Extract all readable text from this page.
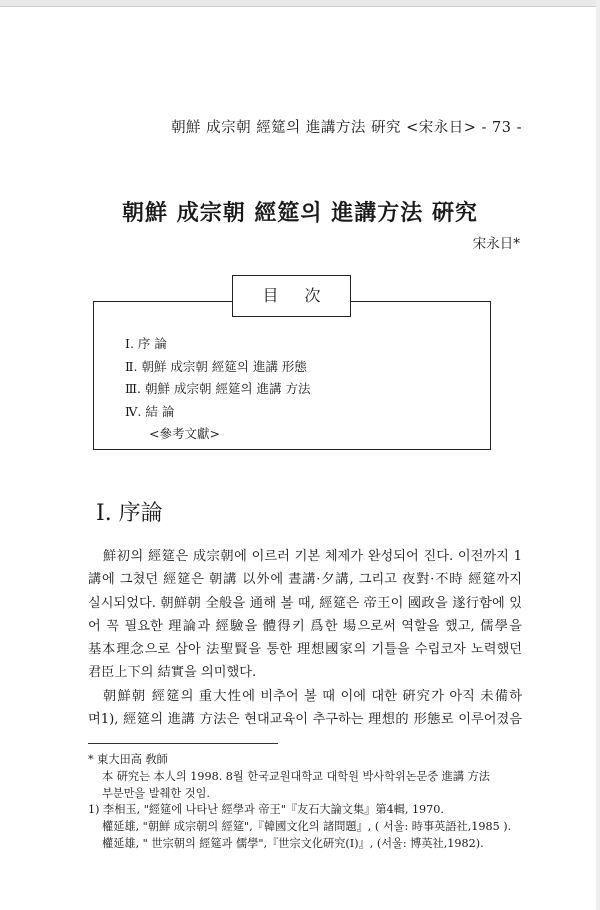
朝鮮 成宗朝 經筵의 進講方法 硏究 <宋永日> - 73 -
朝鮮 成宗朝 經筵의 進講方法 硏究
宋永日*
目次
Ⅰ. 序 論
Ⅱ. 朝鮮 成宗朝 經筵의 進講 形態
Ⅲ. 朝鮮 成宗朝 經筵의 進講 方法
Ⅳ. 結 論
<參考文獻>
Ⅰ. 序論

鮮初의 經筵은 成宗朝에 이르러 기본 체제가 완성되어 진다. 이전까지 1
講에 그쳤던 經筵은 朝講 以外에 晝講·夕講, 그리고 夜對·不時 經筵까지
실시되었다. 朝鮮朝 全般을 通해 볼 때, 經筵은 帝王이 國政을 遂行함에 있
어 꼭 필요한 理論과 經驗을 體得키 爲한 場으로써 역할을 했고, 儒學을
基本理念으로 삼아 法聖賢을 통한 理想國家의 기틀을 수립코자 노력했던
君臣上下의 結實을 의미했다.

朝鮮朝 經筵의 重大性에 비추어 볼 때 이에 대한 硏究가 아직 未備하
며1), 經筵의 進講 方法은 현대교육이 추구하는 理想的 形態로 이루어졌음

* 東大田高 敎師
本 硏究는 本人의 1998. 8월 한국교원대학교 대학원 박사학위논문중 進講 方法
부분만을 발췌한 것임.
1) 李相玉, "經筵에 나타난 經學과 帝王"『友石大論文集』第4輯, 1970.
權延雄, "朝鮮 成宗朝의 經筵",『韓國文化의 諸問題』, ( 서울: 時事英語社,1985 ).
權延雄, " 世宗朝의 經筵과 儒學",『世宗文化硏究(Ⅰ)』, (서울: 博英社,1982).
